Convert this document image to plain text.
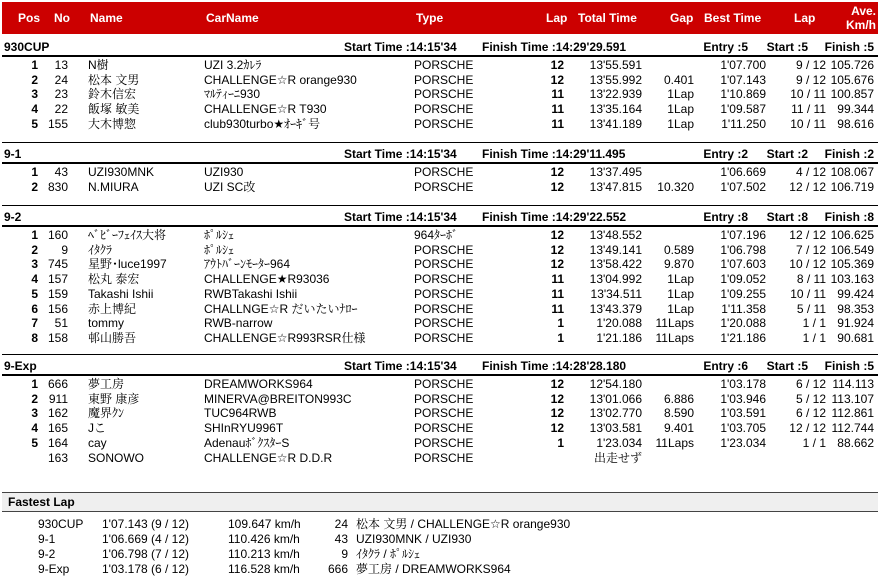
Pos No Name	CarName	Type	Lap Total Time	Gap Best Time	Lap	Ave.
Km/h
930CUP	Start Time :14:15'34 Finish Time :14:29'29.591	Entry :5	Start :5	Finish :5
1	13 N樹	UZI 3.2ｶﾚﾗ	PORSCHE	12	13'55.591	1'07.700	9 / 12 105.726
2	24 松本 文男	CHALLENGE☆R orange930	PORSCHE	12	13'55.992	0.401	1'07.143	9 / 12 105.676
3	23 鈴木信宏	ﾏﾙﾃｨｰﾆ930	PORSCHE	11	13'22.939	1Lap	1'10.869	10 / 11 100.857
4	22 飯塚 敏美	CHALLENGE☆R T930	PORSCHE	11	13'35.164	1Lap	1'09.587	11 / 11 99.344
5 155 大木博惣	club930turbo★ｵｰｷﾞ号	PORSCHE	11	13'41.189	1Lap	1'11.250	10 / 11 98.616
9-1	Start Time :14:15'34 Finish Time :14:29'11.495	Entry :2	Start :2	Finish :2
1	43 UZI930MNK	UZI930	PORSCHE	12	13'37.495	1'06.669	4 / 12 108.067
2 830 N.MIURA	UZI SC改	PORSCHE	12	13'47.815	10.320	1'07.502	12 / 12 106.719
9-2	Start Time :14:15'34 Finish Time :14:29'22.552	Entry :8	Start :8	Finish :8
1 160 ﾍﾞﾋﾞｰﾌｪｲｽ大将	ﾎﾟﾙｼｪ	964ﾀｰﾎﾞ	12	13'48.552	1'07.196	12 / 12 106.625
2	9 ｲﾀｸﾗ	ﾎﾟﾙｼｪ	PORSCHE	12	13'49.141	0.589	1'06.798	7 / 12 106.549
3 745 星野･luce1997	ｱｳﾄﾊﾞｰﾝﾓｰﾀｰ964	PORSCHE	12	13'58.422	9.870	1'07.603	10 / 12 105.369
4 157 松丸 泰宏	CHALLENGE★R93036	PORSCHE	11	13'04.992	1Lap	1'09.052	8 / 11 103.163
5 159 Takashi Ishii	RWBTakashi Ishii	PORSCHE	11	13'34.511	1Lap	1'09.255	10 / 11 99.424
6 156 赤上博紀	CHALLNGE☆R だいたいﾅﾛｰ	PORSCHE	11	13'43.379	1Lap	1'11.358	5 / 11 98.353
7	51 tommy	RWB-narrow	PORSCHE	1	1'20.088	11Laps	1'20.088	1 / 1 91.924
8 158 邨山勝吾	CHALLENGE☆R993RSR仕様	PORSCHE	1	1'21.186	11Laps	1'21.186	1 / 1 90.681
9-Exp	Start Time :14:15'34 Finish Time :14:28'28.180	Entry :6	Start :5	Finish :5
1 666 夢工房	DREAMWORKS964	PORSCHE	12	12'54.180	1'03.178	6 / 12 114.113
2 911 東野 康彦	MINERVA@BREITON993C	PORSCHE	12	13'01.066	6.886	1'03.946	5 / 12 113.107
3 162 魔界ｸﾝ	TUC964RWB	PORSCHE	12	13'02.770	8.590	1'03.591	6 / 12 112.861
4 165 Jこ	SHInRYU996T	PORSCHE	12	13'03.581	9.401	1'03.705	12 / 12 112.744
5 164 cay	AdenauﾎﾞｸｽﾀｰS	PORSCHE	1	1'23.034	11Laps	1'23.034	1 / 1 88.662
163 SONOWO	CHALLENGE☆R D.D.R	PORSCHE	出走せず
Fastest Lap
930CUP	1'07.143 (9 / 12)	109.647 km/h	24 松本 文男 / CHALLENGE☆R orange930
9-1	1'06.669 (4 / 12)	110.426 km/h	43 UZI930MNK / UZI930
9-2	1'06.798 (7 / 12)	110.213 km/h	9 ｲﾀｸﾗ / ﾎﾟﾙｼｪ
9-Exp	1'03.178 (6 / 12)	116.528 km/h	666 夢工房 / DREAMWORKS964
